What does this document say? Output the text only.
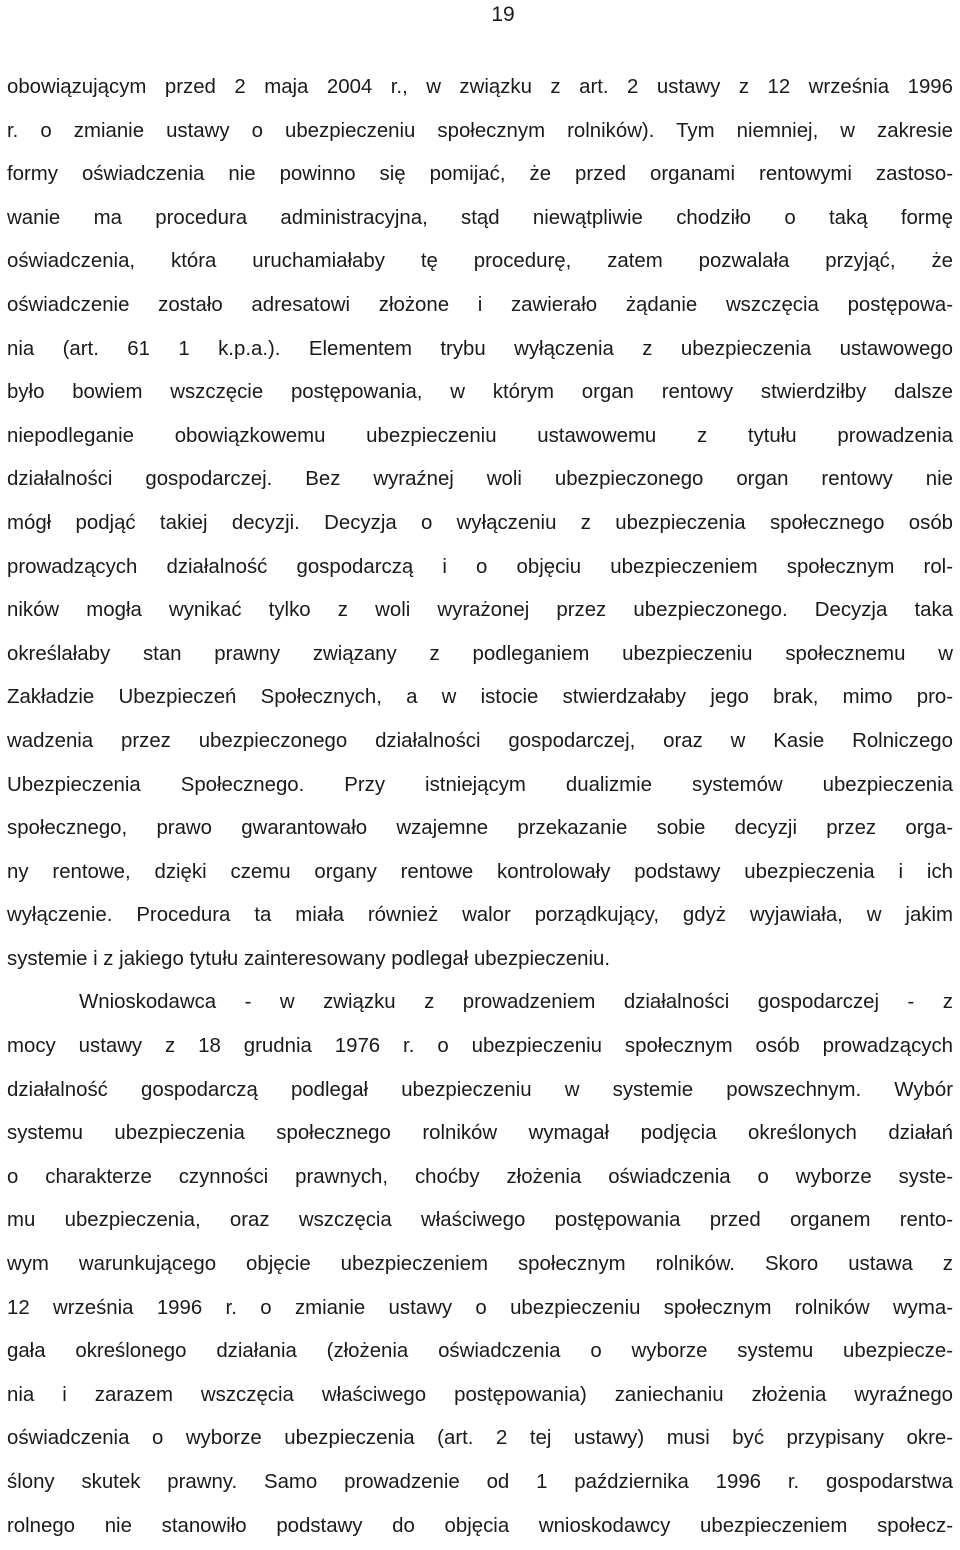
19
obowiązującym przed 2 maja 2004 r., w związku z art. 2 ustawy z 12 września 1996
r. o zmianie ustawy o ubezpieczeniu społecznym rolników). Tym niemniej, w zakresie
formy oświadczenia nie powinno się pomijać, że przed organami rentowymi zastoso-
wanie ma procedura administracyjna, stąd niewątpliwie chodziło o taką formę
oświadczenia, która uruchamiałaby tę procedurę, zatem pozwalała przyjąć, że
oświadczenie zostało adresatowi złożone i zawierało żądanie wszczęcia postępowa-
nia (art. 61 1 k.p.a.). Elementem trybu wyłączenia z ubezpieczenia ustawowego
było bowiem wszczęcie postępowania, w którym organ rentowy stwierdziłby dalsze
niepodleganie obowiązkowemu ubezpieczeniu ustawowemu z tytułu prowadzenia
działalności gospodarczej. Bez wyraźnej woli ubezpieczonego organ rentowy nie
mógł podjąć takiej decyzji. Decyzja o wyłączeniu z ubezpieczenia społecznego osób
prowadzących działalność gospodarczą i o objęciu ubezpieczeniem społecznym rol-
ników mogła wynikać tylko z woli wyrażonej przez ubezpieczonego. Decyzja taka
określałaby stan prawny związany z podleganiem ubezpieczeniu społecznemu w
Zakładzie Ubezpieczeń Społecznych, a w istocie stwierdzałaby jego brak, mimo pro-
wadzenia przez ubezpieczonego działalności gospodarczej, oraz w Kasie Rolniczego
Ubezpieczenia Społecznego. Przy istniejącym dualizmie systemów ubezpieczenia
społecznego, prawo gwarantowało wzajemne przekazanie sobie decyzji przez orga-
ny rentowe, dzięki czemu organy rentowe kontrolowały podstawy ubezpieczenia i ich
wyłączenie. Procedura ta miała również walor porządkujący, gdyż wyjawiała, w jakim
systemie i z jakiego tytułu zainteresowany podlegał ubezpieczeniu.
Wnioskodawca - w związku z prowadzeniem działalności gospodarczej - z
mocy ustawy z 18 grudnia 1976 r. o ubezpieczeniu społecznym osób prowadzących
działalność gospodarczą podlegał ubezpieczeniu w systemie powszechnym. Wybór
systemu ubezpieczenia społecznego rolników wymagał podjęcia określonych działań
o charakterze czynności prawnych, choćby złożenia oświadczenia o wyborze syste-
mu ubezpieczenia, oraz wszczęcia właściwego postępowania przed organem rento-
wym warunkującego objęcie ubezpieczeniem społecznym rolników. Skoro ustawa z
12 września 1996 r. o zmianie ustawy o ubezpieczeniu społecznym rolników wyma-
gała określonego działania (złożenia oświadczenia o wyborze systemu ubezpiecze-
nia i zarazem wszczęcia właściwego postępowania) zaniechaniu złożenia wyraźnego
oświadczenia o wyborze ubezpieczenia (art. 2 tej ustawy) musi być przypisany okre-
ślony skutek prawny. Samo prowadzenie od 1 października 1996 r. gospodarstwa
rolnego nie stanowiło podstawy do objęcia wnioskodawcy ubezpieczeniem społecz-
